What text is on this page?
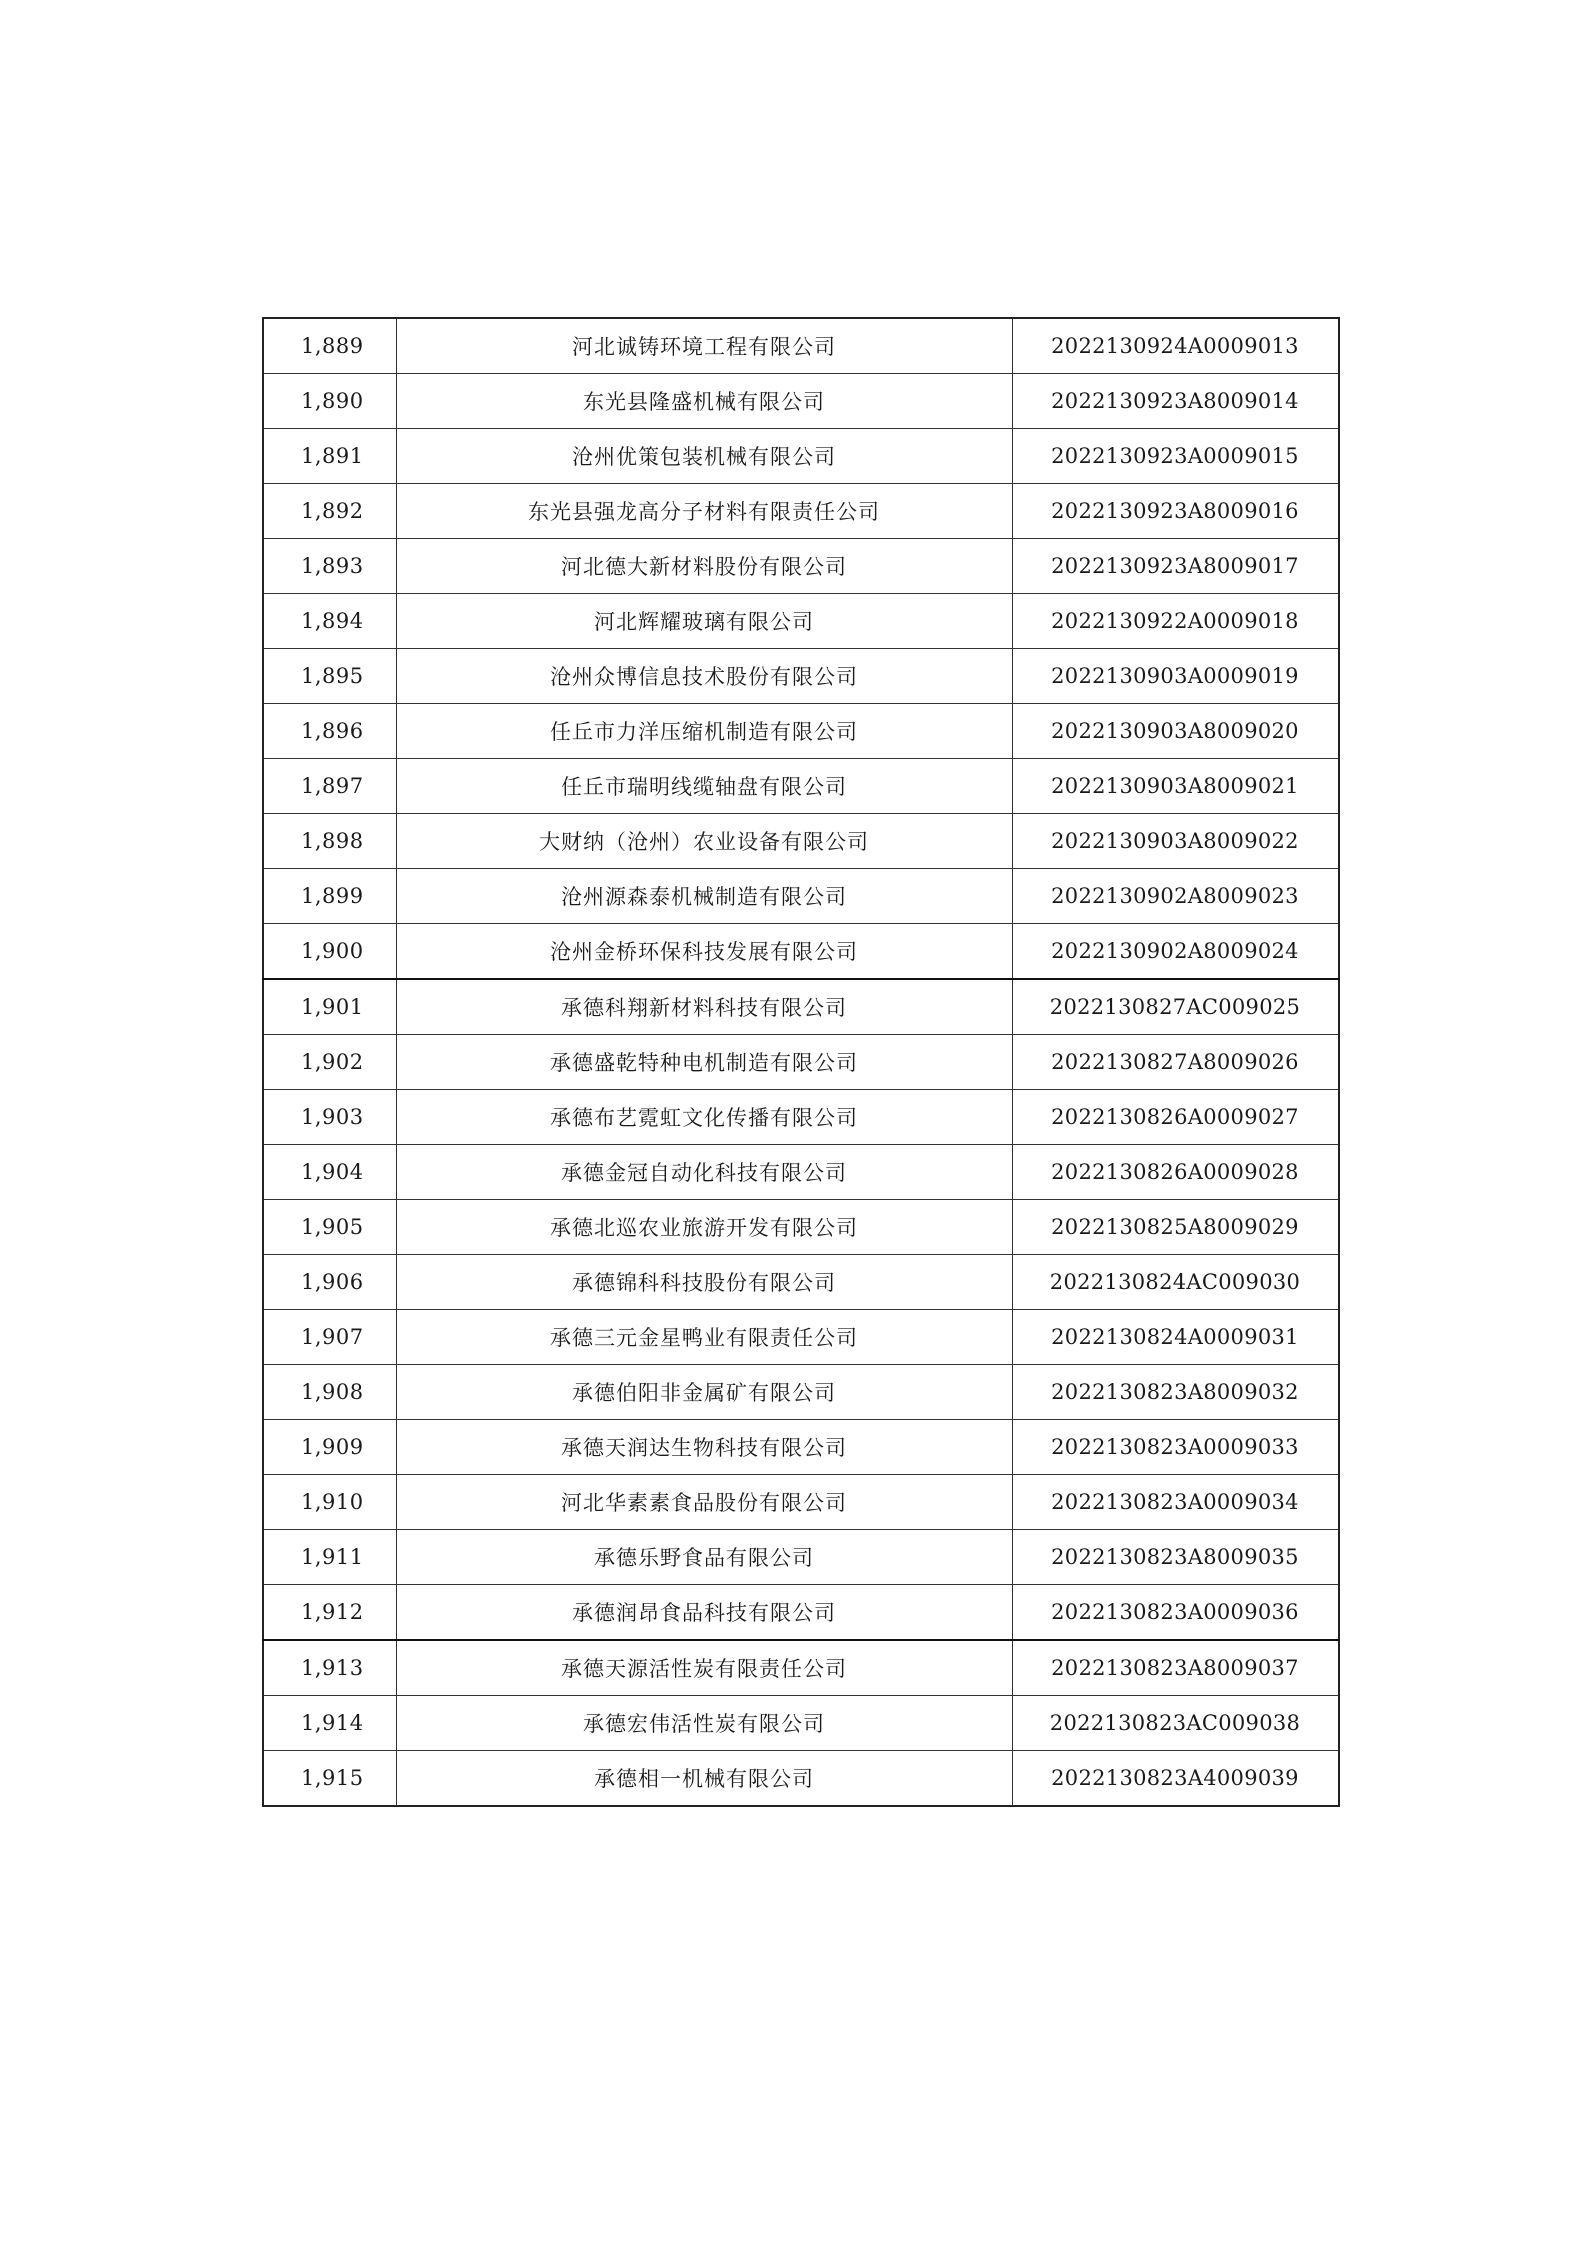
1,889	河北诚铸环境工程有限公司	2022130924A0009013
1,890	东光县隆盛机械有限公司	2022130923A8009014
1,891	沧州优策包装机械有限公司	2022130923A0009015
1,892	东光县强龙高分子材料有限责任公司	2022130923A8009016
1,893	河北德大新材料股份有限公司	2022130923A8009017
1,894	河北辉耀玻璃有限公司	2022130922A0009018
1,895	沧州众博信息技术股份有限公司	2022130903A0009019
1,896	任丘市力洋压缩机制造有限公司	2022130903A8009020
1,897	任丘市瑞明线缆轴盘有限公司	2022130903A8009021
1,898	大财纳（沧州）农业设备有限公司	2022130903A8009022
1,899	沧州源森泰机械制造有限公司	2022130902A8009023
1,900	沧州金桥环保科技发展有限公司	2022130902A8009024
1,901	承德科翔新材料科技有限公司	2022130827AC009025
1,902	承德盛乾特种电机制造有限公司	2022130827A8009026
1,903	承德布艺霓虹文化传播有限公司	2022130826A0009027
1,904	承德金冠自动化科技有限公司	2022130826A0009028
1,905	承德北巡农业旅游开发有限公司	2022130825A8009029
1,906	承德锦科科技股份有限公司	2022130824AC009030
1,907	承德三元金星鸭业有限责任公司	2022130824A0009031
1,908	承德伯阳非金属矿有限公司	2022130823A8009032
1,909	承德天润达生物科技有限公司	2022130823A0009033
1,910	河北华素素食品股份有限公司	2022130823A0009034
1,911	承德乐野食品有限公司	2022130823A8009035
1,912	承德润昂食品科技有限公司	2022130823A0009036
1,913	承德天源活性炭有限责任公司	2022130823A8009037
1,914	承德宏伟活性炭有限公司	2022130823AC009038
1,915	承德相一机械有限公司	2022130823A4009039
